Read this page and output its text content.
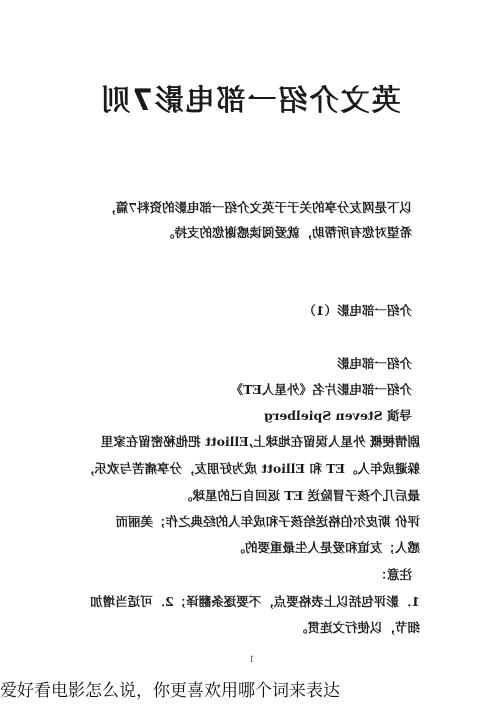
英文介绍一部电影7则
以下是网友分享的关于于英文介绍一部电影的资料7篇，
希望对您有所帮助，就爱阅读感谢您的支持。
介绍一部电影（1）
介绍一部电影
介绍一部电影片名《外星人ET》
导演 Steven Spielberg
剧情梗概 外星人误留在地球上,Elliott 把他秘密留在家里
躲避成年人。ET 和 Elliott 成为好朋友，分享痛苦与欢乐，
最后几个孩子冒险送 ET 返回自己的星球。
评价 斯皮尔伯格送给孩子和成年人的经典之作；美丽而
感人；友谊和爱是人生最重要的。
注意：
1．影评包括以上表格要点，不要逐条翻译；2．可适当增加
细节，以使行文连贯。
1
爱好看电影怎么说，你更喜欢用哪个词来表达
